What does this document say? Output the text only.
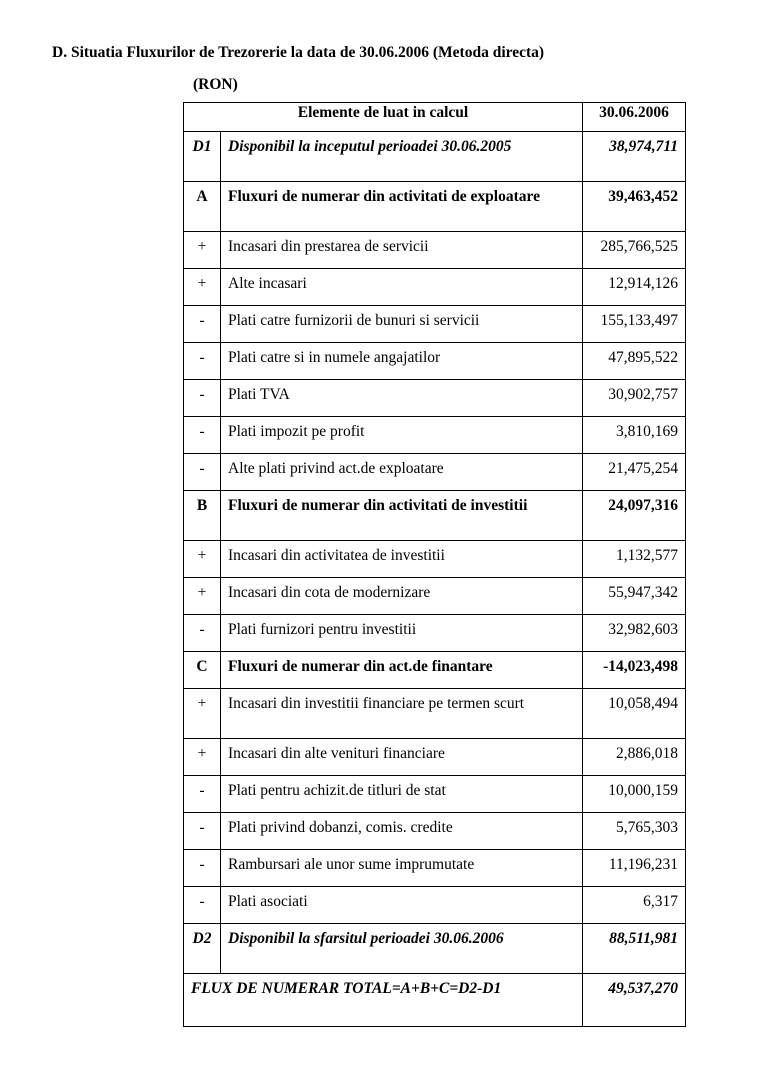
D. Situatia Fluxurilor de Trezorerie la data de 30.06.2006 (Metoda directa)
(RON)
Elemente de luat in calcul		30.06.2006
D1	Disponibil la inceputul perioadei 30.06.2005	38,974,711
A	Fluxuri de numerar din activitati de exploatare	39,463,452
+	Incasari din prestarea de servicii	285,766,525
+	Alte incasari	12,914,126
-	Plati catre furnizorii de bunuri si servicii	155,133,497
-	Plati catre si in numele angajatilor	47,895,522
-	Plati TVA	30,902,757
-	Plati impozit pe profit	3,810,169
-	Alte plati privind act.de exploatare	21,475,254
B	Fluxuri de numerar din activitati de investitii	24,097,316
+	Incasari din activitatea de investitii	1,132,577
+	Incasari din cota de modernizare	55,947,342
-	Plati furnizori pentru investitii	32,982,603
C	Fluxuri de numerar din act.de finantare	-14,023,498
+	Incasari din investitii financiare pe termen scurt	10,058,494
+	Incasari din alte venituri financiare	2,886,018
-	Plati pentru achizit.de titluri de stat	10,000,159
-	Plati privind dobanzi, comis. credite	5,765,303
-	Rambursari ale unor sume imprumutate	11,196,231
-	Plati asociati	6,317
D2	Disponibil la sfarsitul perioadei 30.06.2006	88,511,981
FLUX DE NUMERAR TOTAL=A+B+C=D2-D1		49,537,270
